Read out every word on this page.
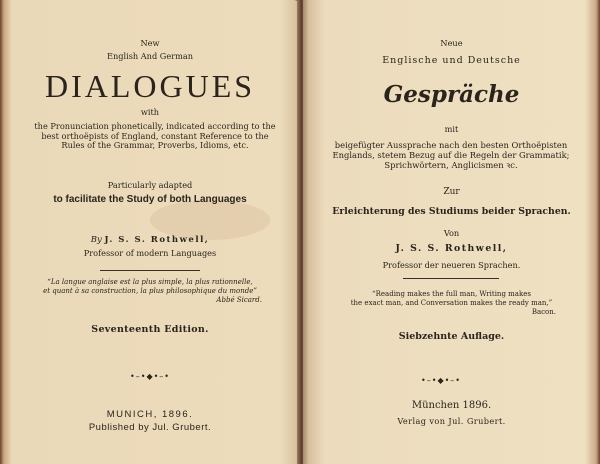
New
English And German
DIALOGUES
with
the Pronunciation phonetically, indicated according to the best orthoëpists of England, constant Reference to the Rules of the Grammar, Proverbs, Idioms, etc.
Particularly adapted
to facilitate the Study of both Languages
By J. S. S. Rothwell,
Professor of modern Languages
“La langue anglaise est la plus simple, la plus rationnelle,
et quant à sa construction, la plus philosophique du monde”
Abbé Sicard.
Seventeenth Edition.
•–•◆•–•
MUNICH, 1896.
Published by Jul. Grubert.
Neue
Englische und Deutsche
Gespräche
mit
beigefügter Aussprache nach den besten Orthoëpisten Englands, stetem Bezug auf die Regeln der Grammatik; Sprichwörtern, Anglicismen ꝛc.
Zur
Erleichterung des Studiums beider Sprachen.
Von
J. S. S. Rothwell,
Professor der neueren Sprachen.
“Reading makes the full man, Writing makes
the exact man, and Conversation makes the ready man,”
Bacon.
Siebzehnte Auflage.
•–•◆•–•
München 1896.
Verlag von Jul. Grubert.
